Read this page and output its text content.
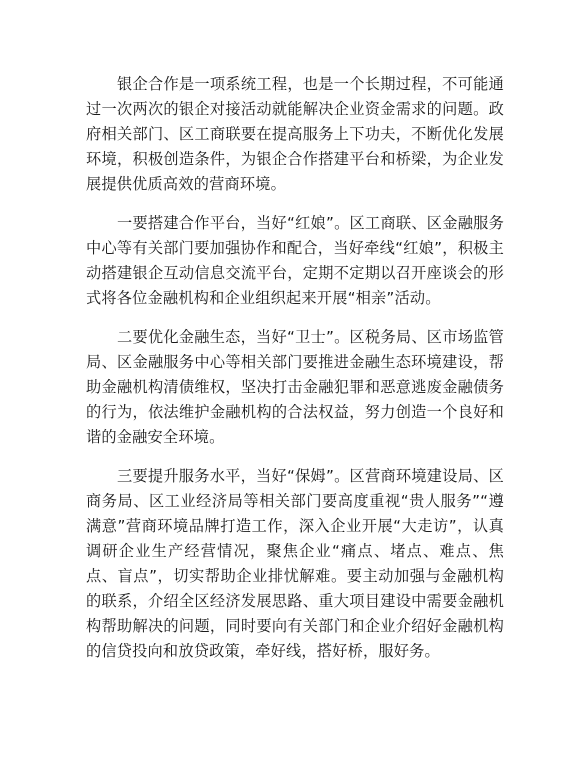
银企合作是一项系统工程，也是一个长期过程，不可能通过一次两次的银企对接活动就能解决企业资金需求的问题。政府相关部门、区工商联要在提高服务上下功夫，不断优化发展环境，积极创造条件，为银企合作搭建平台和桥梁，为企业发展提供优质高效的营商环境。

一要搭建合作平台，当好“红娘”。区工商联、区金融服务中心等有关部门要加强协作和配合，当好牵线“红娘”，积极主动搭建银企互动信息交流平台，定期不定期以召开座谈会的形式将各位金融机构和企业组织起来开展“相亲”活动。

二要优化金融生态，当好“卫士”。区税务局、区市场监管局、区金融服务中心等相关部门要推进金融生态环境建设，帮助金融机构清债维权，坚决打击金融犯罪和恶意逃废金融债务的行为，依法维护金融机构的合法权益，努力创造一个良好和谐的金融安全环境。

三要提升服务水平，当好“保姆”。区营商环境建设局、区商务局、区工业经济局等相关部门要高度重视“贵人服务”“遵满意”营商环境品牌打造工作，深入企业开展“大走访”，认真调研企业生产经营情况，聚焦企业“痛点、堵点、难点、焦点、盲点”，切实帮助企业排忧解难。要主动加强与金融机构的联系，介绍全区经济发展思路、重大项目建设中需要金融机构帮助解决的问题，同时要向有关部门和企业介绍好金融机构的信贷投向和放贷政策，牵好线，搭好桥，服好务。
